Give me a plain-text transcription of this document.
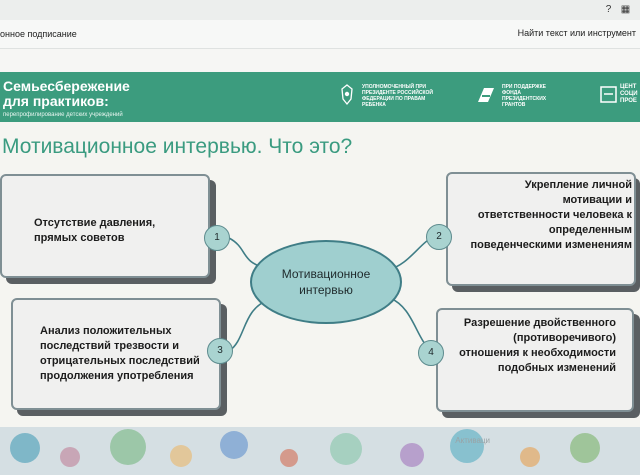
? ▦
онное подписание	Найти текст или инструмент
Семьесбережение
для практиков:
перепрофилирование детских учреждений
УПОЛНОМОЧЕННЫЙ ПРИ ПРЕЗИДЕНТЕ РОССИЙСКОЙ ФЕДЕРАЦИИ ПО ПРАВАМ РЕБЕНКА
ПРИ ПОДДЕРЖКЕ ФОНДА ПРЕЗИДЕНТСКИХ ГРАНТОВ
ЦЕНТ СОЦИ ПРОЕ
Мотивационное интервью. Что это?
Отсутствие давления, прямых советов	1
Укрепление личной мотивации и ответственности человека к определенным поведенческими изменениям
2
Анализ положительных последствий трезвости и отрицательных последствий продолжения употребления
3
Разрешение двойственного (противоречивого) отношения к необходимости подобных изменений
4
Мотивационное интервью
Активаци
